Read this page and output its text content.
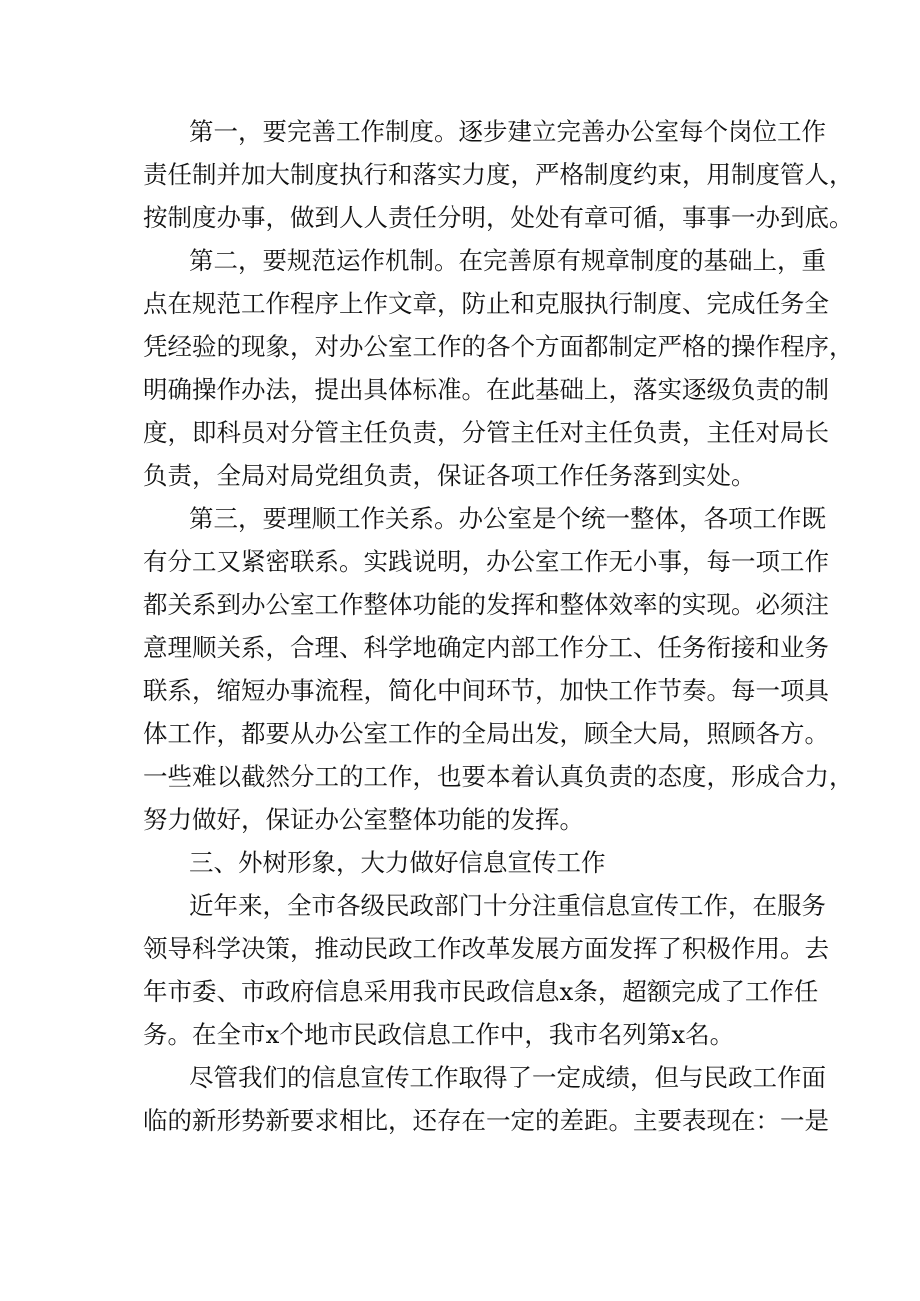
第一，要完善工作制度。逐步建立完善办公室每个岗位工作
责任制并加大制度执行和落实力度，严格制度约束，用制度管人，
按制度办事，做到人人责任分明，处处有章可循，事事一办到底。
第二，要规范运作机制。在完善原有规章制度的基础上，重
点在规范工作程序上作文章，防止和克服执行制度、完成任务全
凭经验的现象，对办公室工作的各个方面都制定严格的操作程序，
明确操作办法，提出具体标准。在此基础上，落实逐级负责的制
度，即科员对分管主任负责，分管主任对主任负责，主任对局长
负责，全局对局党组负责，保证各项工作任务落到实处。
第三，要理顺工作关系。办公室是个统一整体，各项工作既
有分工又紧密联系。实践说明，办公室工作无小事，每一项工作
都关系到办公室工作整体功能的发挥和整体效率的实现。必须注
意理顺关系，合理、科学地确定内部工作分工、任务衔接和业务
联系，缩短办事流程，简化中间环节，加快工作节奏。每一项具
体工作，都要从办公室工作的全局出发，顾全大局，照顾各方。
一些难以截然分工的工作，也要本着认真负责的态度，形成合力，
努力做好，保证办公室整体功能的发挥。
三、外树形象，大力做好信息宣传工作
近年来，全市各级民政部门十分注重信息宣传工作，在服务
领导科学决策，推动民政工作改革发展方面发挥了积极作用。去
年市委、市政府信息采用我市民政信息x条，超额完成了工作任
务。在全市x个地市民政信息工作中，我市名列第x名。
尽管我们的信息宣传工作取得了一定成绩，但与民政工作面
临的新形势新要求相比，还存在一定的差距。主要表现在：一是
